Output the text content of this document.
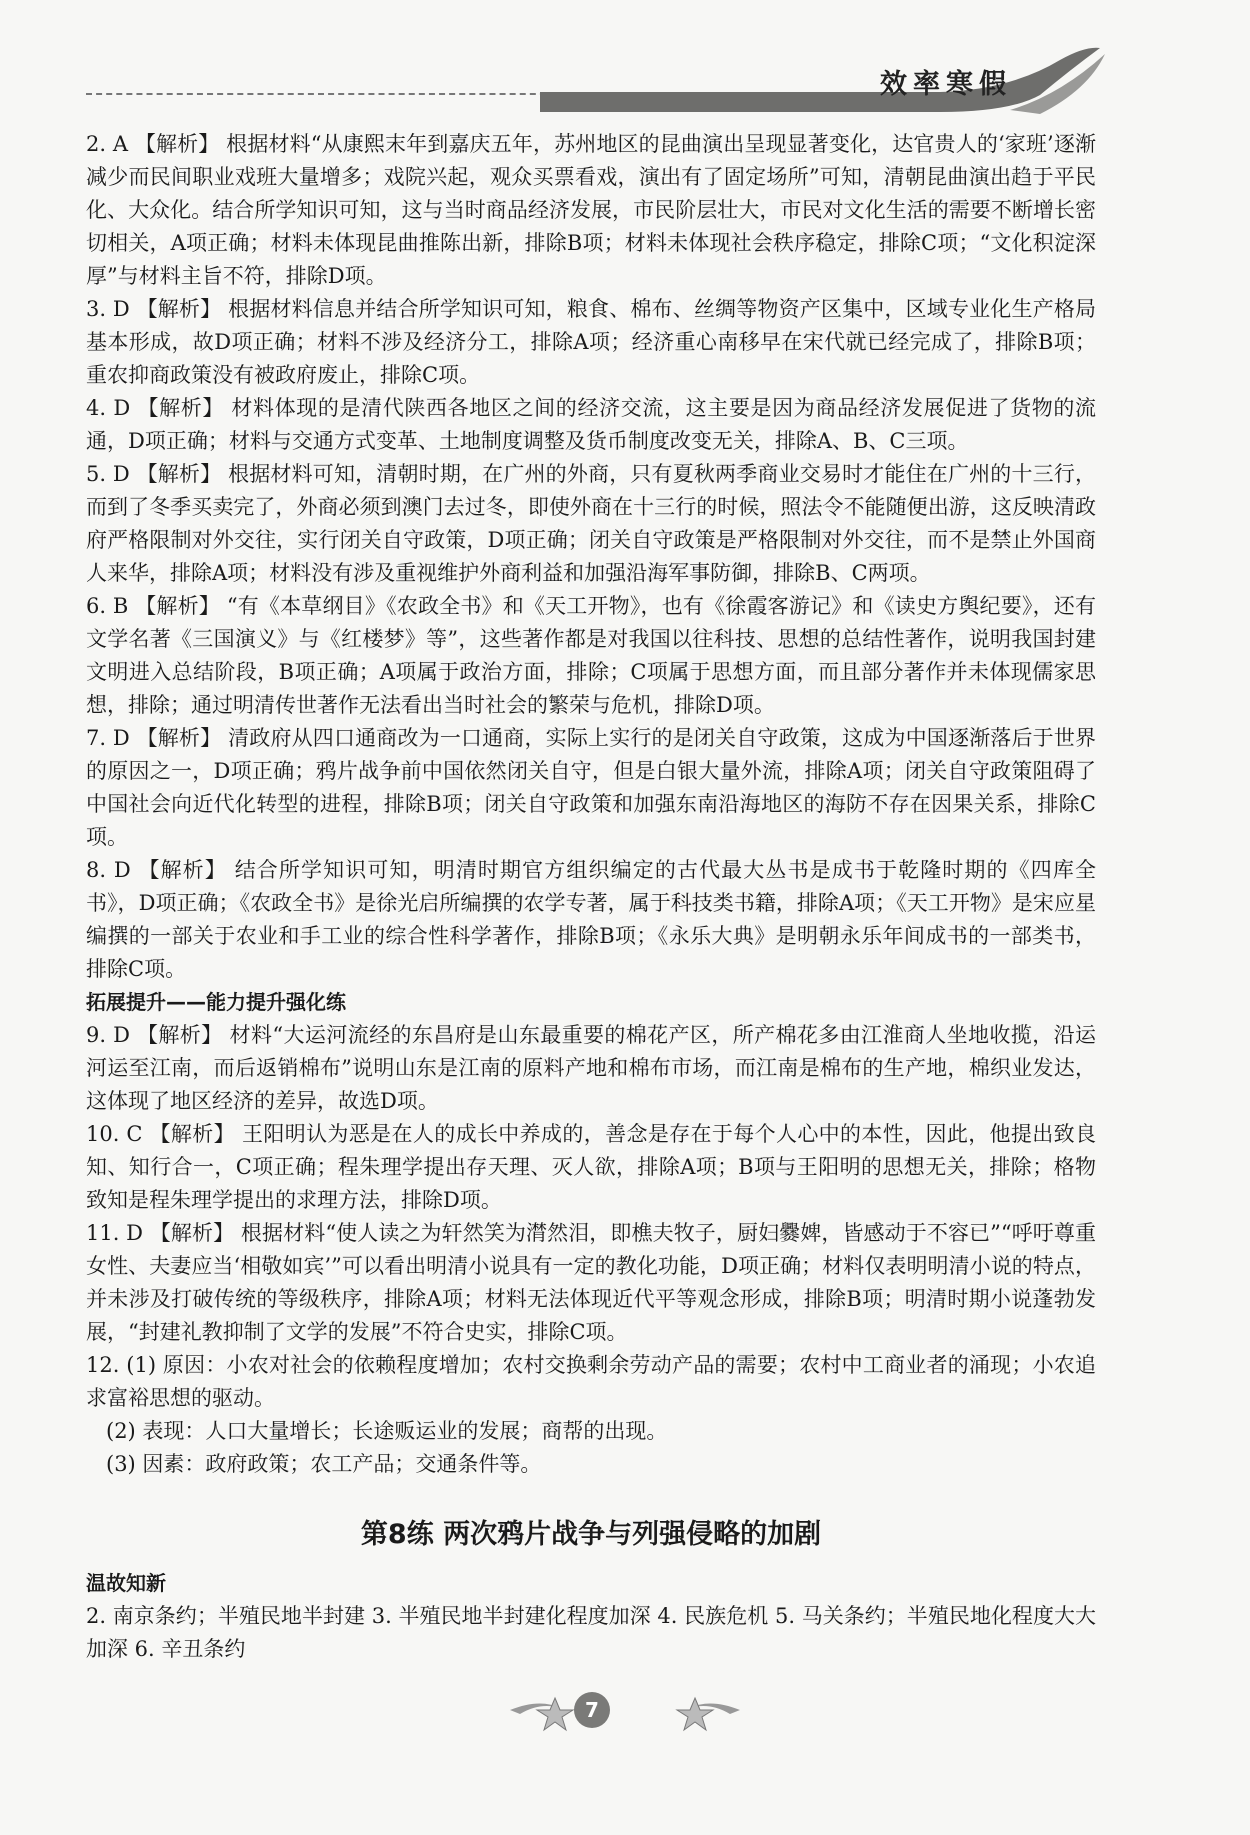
效率寒假

2. A 【解析】 根据材料“从康熙末年到嘉庆五年，苏州地区的昆曲演出呈现显著变化，达官贵人的‘家班’逐渐减少而民间职业戏班大量增多；戏院兴起，观众买票看戏，演出有了固定场所”可知，清朝昆曲演出趋于平民化、大众化。结合所学知识可知，这与当时商品经济发展，市民阶层壮大，市民对文化生活的需要不断增长密切相关，A项正确；材料未体现昆曲推陈出新，排除B项；材料未体现社会秩序稳定，排除C项；“文化积淀深厚”与材料主旨不符，排除D项。

3. D 【解析】 根据材料信息并结合所学知识可知，粮食、棉布、丝绸等物资产区集中，区域专业化生产格局基本形成，故D项正确；材料不涉及经济分工，排除A项；经济重心南移早在宋代就已经完成了，排除B项；重农抑商政策没有被政府废止，排除C项。

4. D 【解析】 材料体现的是清代陕西各地区之间的经济交流，这主要是因为商品经济发展促进了货物的流通，D项正确；材料与交通方式变革、土地制度调整及货币制度改变无关，排除A、B、C三项。

5. D 【解析】 根据材料可知，清朝时期，在广州的外商，只有夏秋两季商业交易时才能住在广州的十三行，而到了冬季买卖完了，外商必须到澳门去过冬，即使外商在十三行的时候，照法令不能随便出游，这反映清政府严格限制对外交往，实行闭关自守政策，D项正确；闭关自守政策是严格限制对外交往，而不是禁止外国商人来华，排除A项；材料没有涉及重视维护外商利益和加强沿海军事防御，排除B、C两项。

6. B 【解析】 “有《本草纲目》《农政全书》和《天工开物》，也有《徐霞客游记》和《读史方舆纪要》，还有文学名著《三国演义》与《红楼梦》等”，这些著作都是对我国以往科技、思想的总结性著作，说明我国封建文明进入总结阶段，B项正确；A项属于政治方面，排除；C项属于思想方面，而且部分著作并未体现儒家思想，排除；通过明清传世著作无法看出当时社会的繁荣与危机，排除D项。

7. D 【解析】 清政府从四口通商改为一口通商，实际上实行的是闭关自守政策，这成为中国逐渐落后于世界的原因之一，D项正确；鸦片战争前中国依然闭关自守，但是白银大量外流，排除A项；闭关自守政策阻碍了中国社会向近代化转型的进程，排除B项；闭关自守政策和加强东南沿海地区的海防不存在因果关系，排除C项。

8. D 【解析】 结合所学知识可知，明清时期官方组织编定的古代最大丛书是成书于乾隆时期的《四库全书》，D项正确；《农政全书》是徐光启所编撰的农学专著，属于科技类书籍，排除A项；《天工开物》是宋应星编撰的一部关于农业和手工业的综合性科学著作，排除B项；《永乐大典》是明朝永乐年间成书的一部类书，排除C项。

拓展提升——能力提升强化练

9. D 【解析】 材料“大运河流经的东昌府是山东最重要的棉花产区，所产棉花多由江淮商人坐地收揽，沿运河运至江南，而后返销棉布”说明山东是江南的原料产地和棉布市场，而江南是棉布的生产地，棉织业发达，这体现了地区经济的差异，故选D项。

10. C 【解析】 王阳明认为恶是在人的成长中养成的，善念是存在于每个人心中的本性，因此，他提出致良知、知行合一，C项正确；程朱理学提出存天理、灭人欲，排除A项；B项与王阳明的思想无关，排除；格物致知是程朱理学提出的求理方法，排除D项。

11. D 【解析】 根据材料“使人读之为轩然笑为潸然泪，即樵夫牧子，厨妇爨婢，皆感动于不容已”“呼吁尊重女性、夫妻应当‘相敬如宾’”可以看出明清小说具有一定的教化功能，D项正确；材料仅表明明清小说的特点，并未涉及打破传统的等级秩序，排除A项；材料无法体现近代平等观念形成，排除B项；明清时期小说蓬勃发展，“封建礼教抑制了文学的发展”不符合史实，排除C项。

12. (1) 原因：小农对社会的依赖程度增加；农村交换剩余劳动产品的需要；农村中工商业者的涌现；小农追求富裕思想的驱动。

(2) 表现：人口大量增长；长途贩运业的发展；商帮的出现。

(3) 因素：政府政策；农工产品；交通条件等。

第8练 两次鸦片战争与列强侵略的加剧

温故知新

2. 南京条约；半殖民地半封建 3. 半殖民地半封建化程度加深 4. 民族危机 5. 马关条约；半殖民地化程度大大加深 6. 辛丑条约

7
